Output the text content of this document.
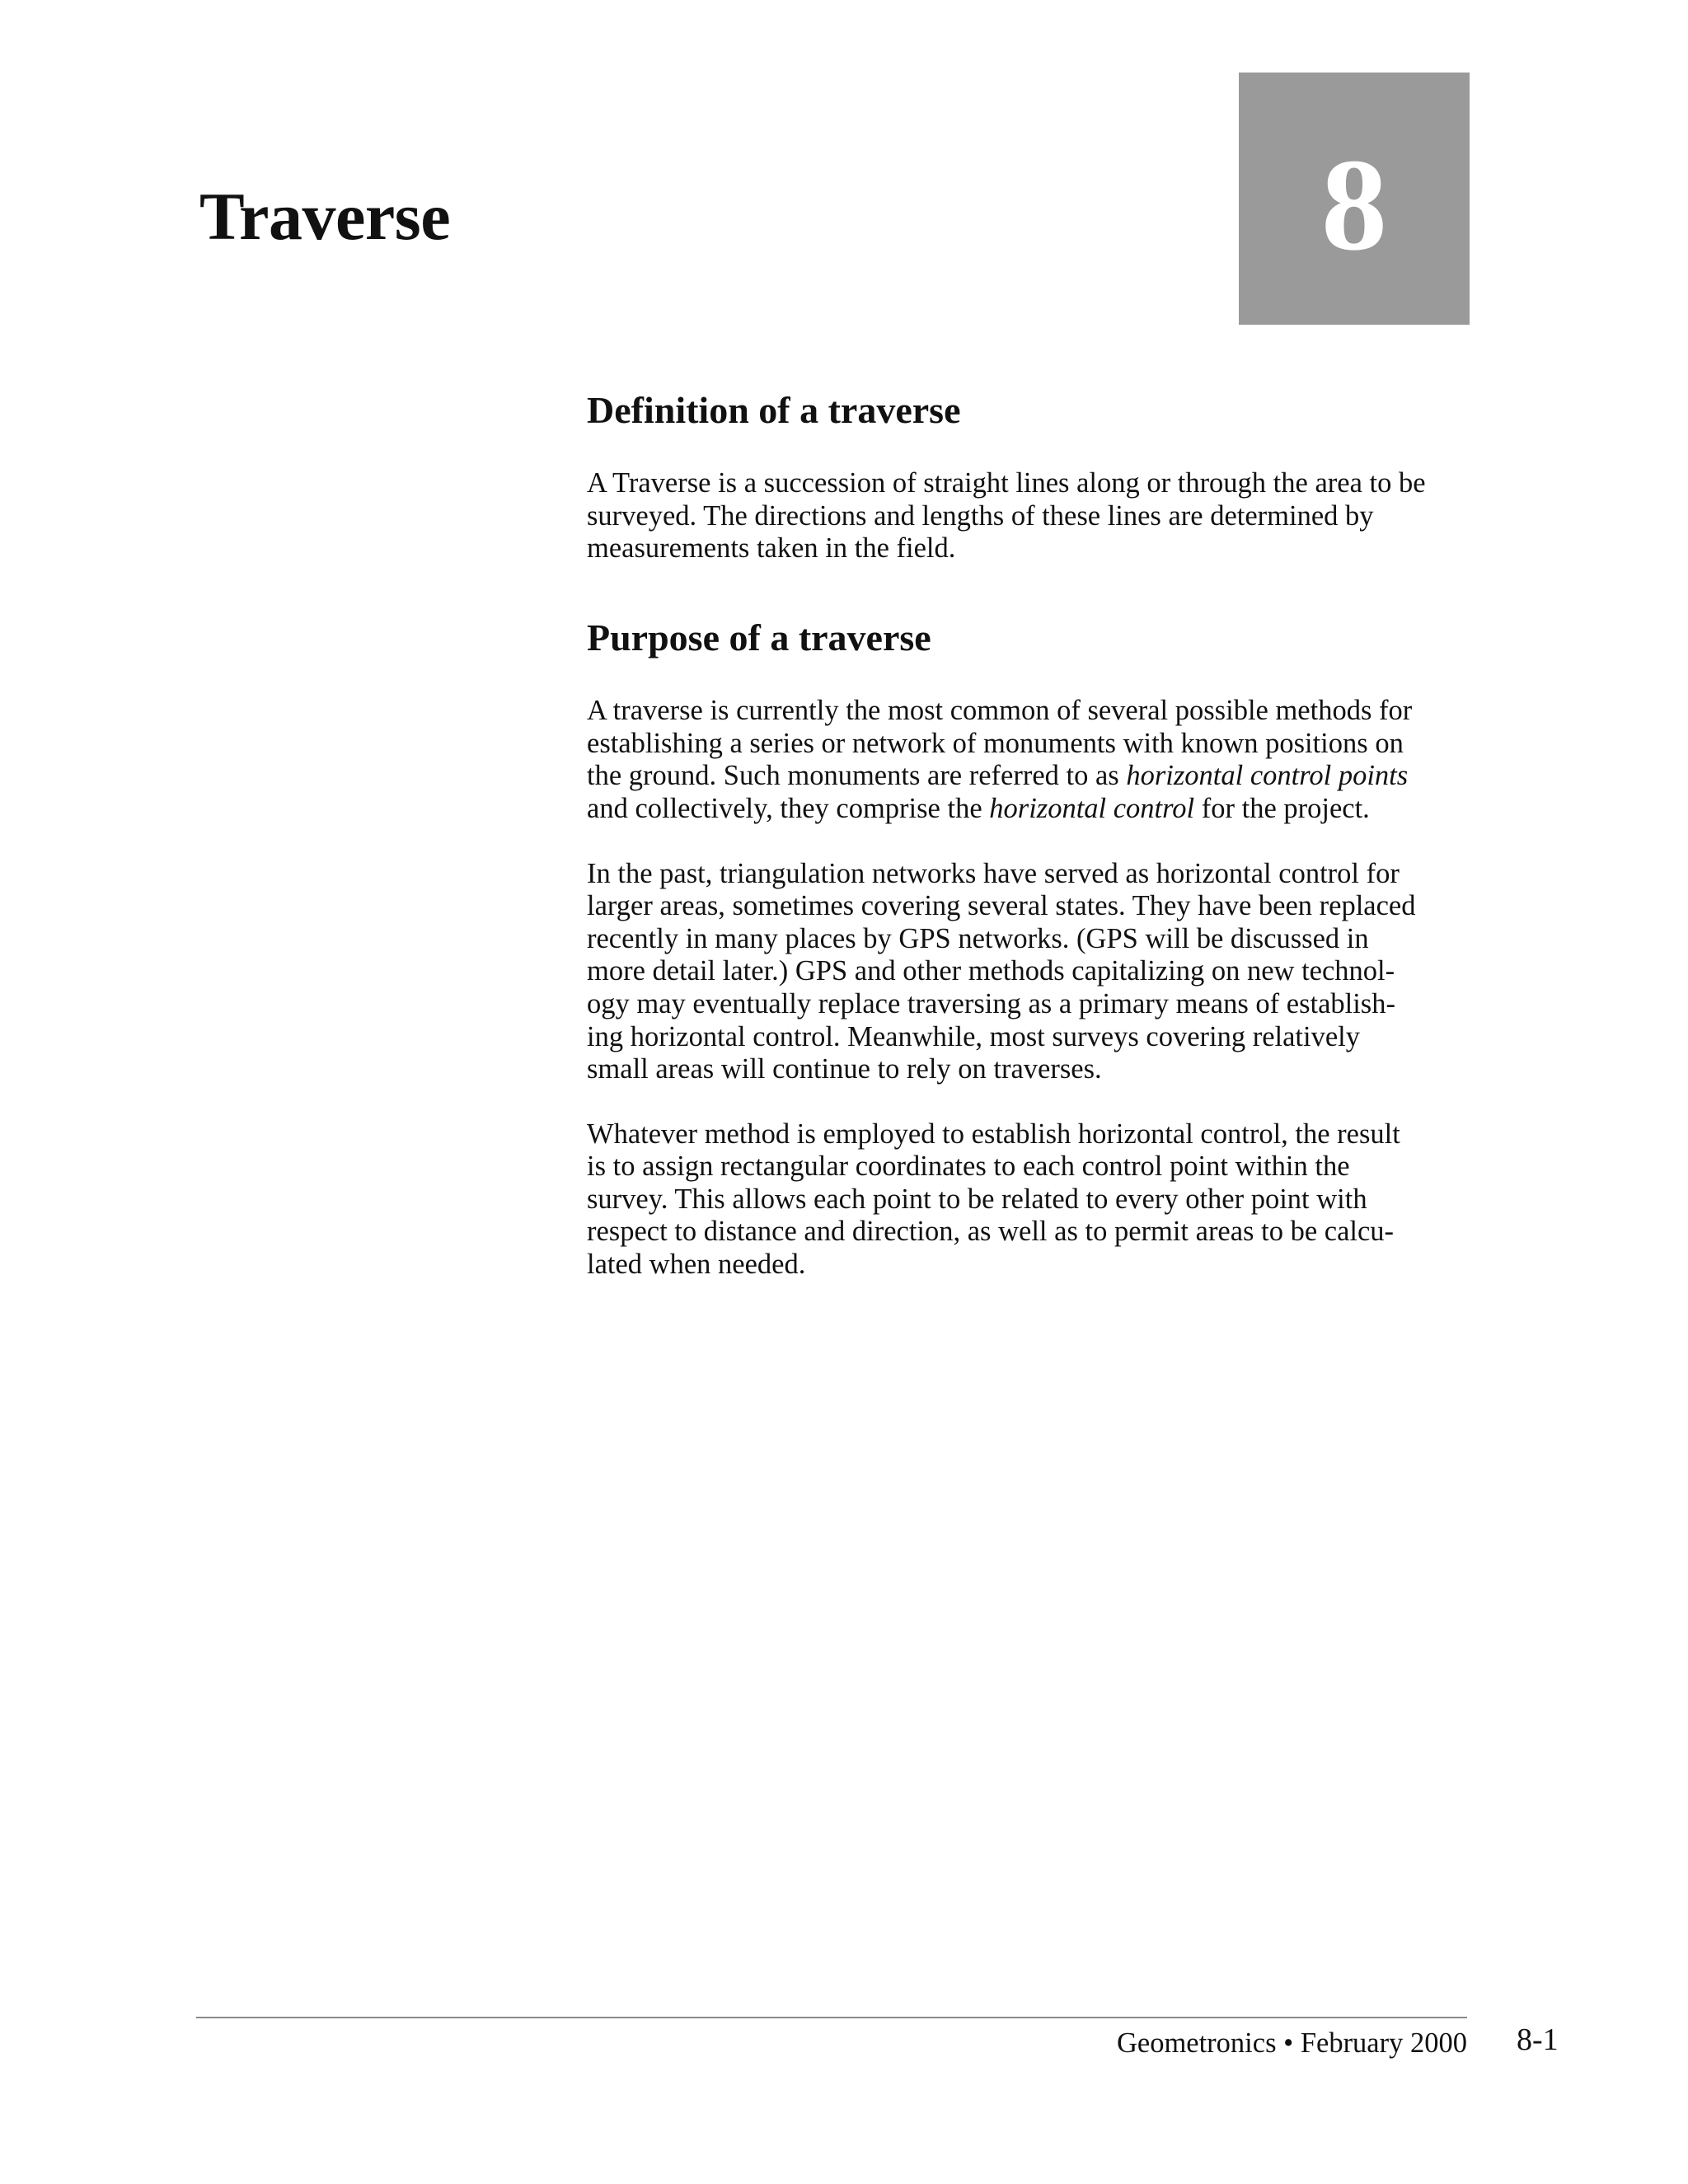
Traverse	8
Definition of a traverse

A Traverse is a succession of straight lines along or through the area to be
surveyed. The directions and lengths of these lines are determined by
measurements taken in the field.

Purpose of a traverse

A traverse is currently the most common of several possible methods for
establishing a series or network of monuments with known positions on
the ground. Such monuments are referred to as horizontal control points
and collectively, they comprise the horizontal control for the project.

In the past, triangulation networks have served as horizontal control for
larger areas, sometimes covering several states. They have been replaced
recently in many places by GPS networks. (GPS will be discussed in
more detail later.) GPS and other methods capitalizing on new technol-
ogy may eventually replace traversing as a primary means of establish-
ing horizontal control. Meanwhile, most surveys covering relatively
small areas will continue to rely on traverses.

Whatever method is employed to establish horizontal control, the result
is to assign rectangular coordinates to each control point within the
survey. This allows each point to be related to every other point with
respect to distance and direction, as well as to permit areas to be calcu-
lated when needed.

Geometronics • February 2000 8-1
